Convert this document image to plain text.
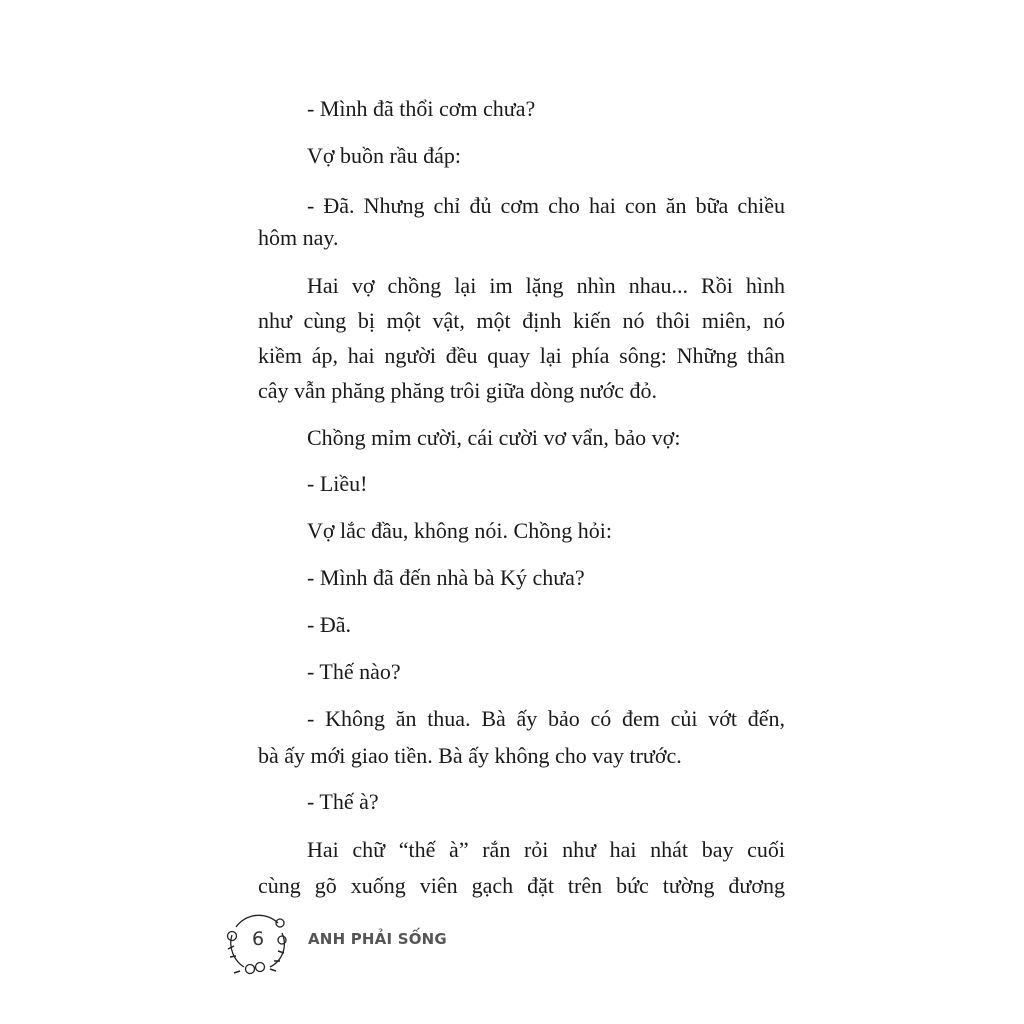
- Mình đã thổi cơm chưa?
Vợ buồn rầu đáp:
- Đã. Nhưng chỉ đủ cơm cho hai con ăn bữa chiều
hôm nay.
Hai vợ chồng lại im lặng nhìn nhau... Rồi hình
như cùng bị một vật, một định kiến nó thôi miên, nó
kiềm áp, hai người đều quay lại phía sông: Những thân
cây vẫn phăng phăng trôi giữa dòng nước đỏ.
Chồng mỉm cười, cái cười vơ vẩn, bảo vợ:
- Liều!
Vợ lắc đầu, không nói. Chồng hỏi:
- Mình đã đến nhà bà Ký chưa?
- Đã.
- Thế nào?
- Không ăn thua. Bà ấy bảo có đem củi vớt đến,
bà ấy mới giao tiền. Bà ấy không cho vay trước.
- Thế à?
Hai chữ “thế à” rắn rỏi như hai nhát bay cuối
cùng gõ xuống viên gạch đặt trên bức tường đương
6	ANH PHẢI SỐNG
